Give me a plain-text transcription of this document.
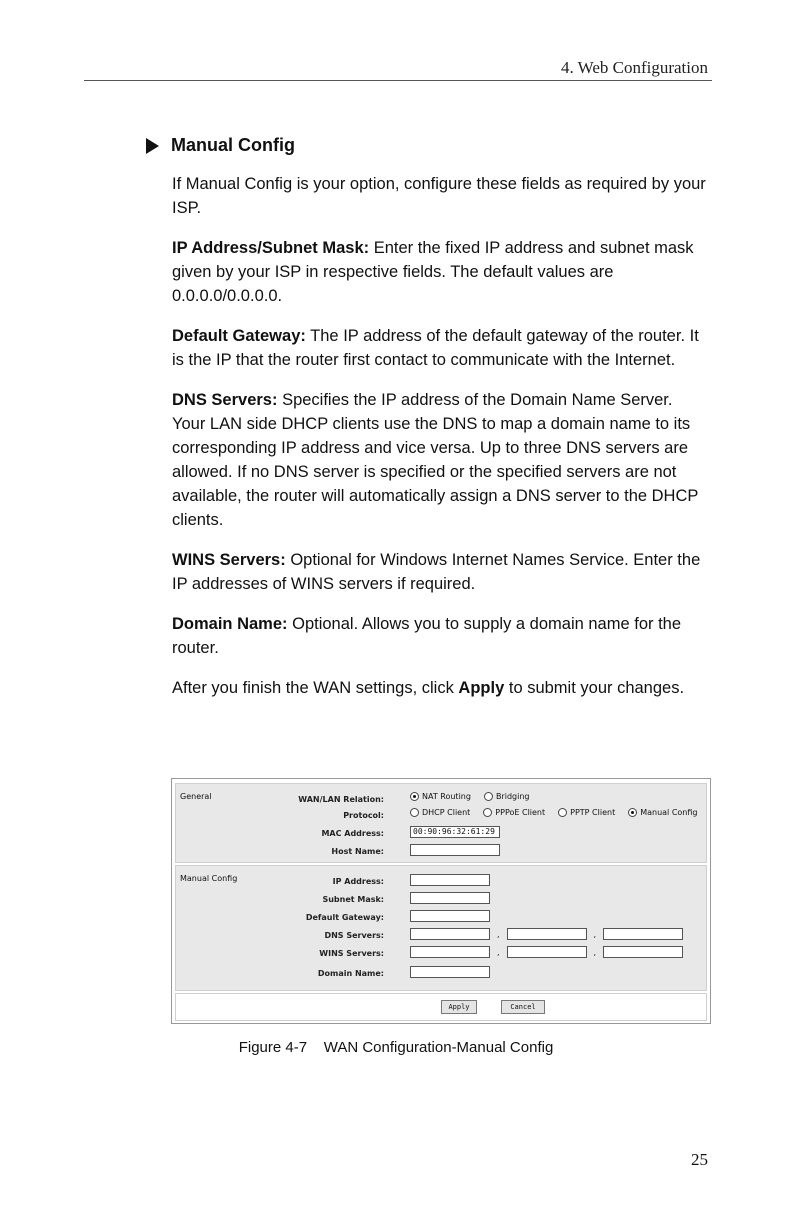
4. Web Configuration
Manual Config

If Manual Config is your option, configure these fields as required by your ISP.

IP Address/Subnet Mask: Enter the fixed IP address and subnet mask given by your ISP in respective fields. The default values are 0.0.0.0/0.0.0.0.

Default Gateway: The IP address of the default gateway of the router. It is the IP that the router first contact to communicate with the Internet.

DNS Servers: Specifies the IP address of the Domain Name Server. Your LAN side DHCP clients use the DNS to map a domain name to its corresponding IP address and vice versa. Up to three DNS servers are allowed. If no DNS server is specified or the specified servers are not available, the router will automatically assign a DNS server to the DHCP clients.

WINS Servers: Optional for Windows Internet Names Service. Enter the IP addresses of WINS servers if required.

Domain Name: Optional. Allows you to supply a domain name for the router.

After you finish the WAN settings, click Apply to submit your changes.

General	WAN/LAN Relation:	NAT Routing	Bridging
Protocol:	DHCP Client	PPPoE Client	PPTP Client	Manual Config
MAC Address:	00:90:96:32:61:29
Host Name:
Manual Config	IP Address:
Subnet Mask:
Default Gateway:
DNS Servers:	,	,
WINS Servers:	,	,
Domain Name:
Apply	Cancel
Figure 4-7    WAN Configuration-Manual Config
25
